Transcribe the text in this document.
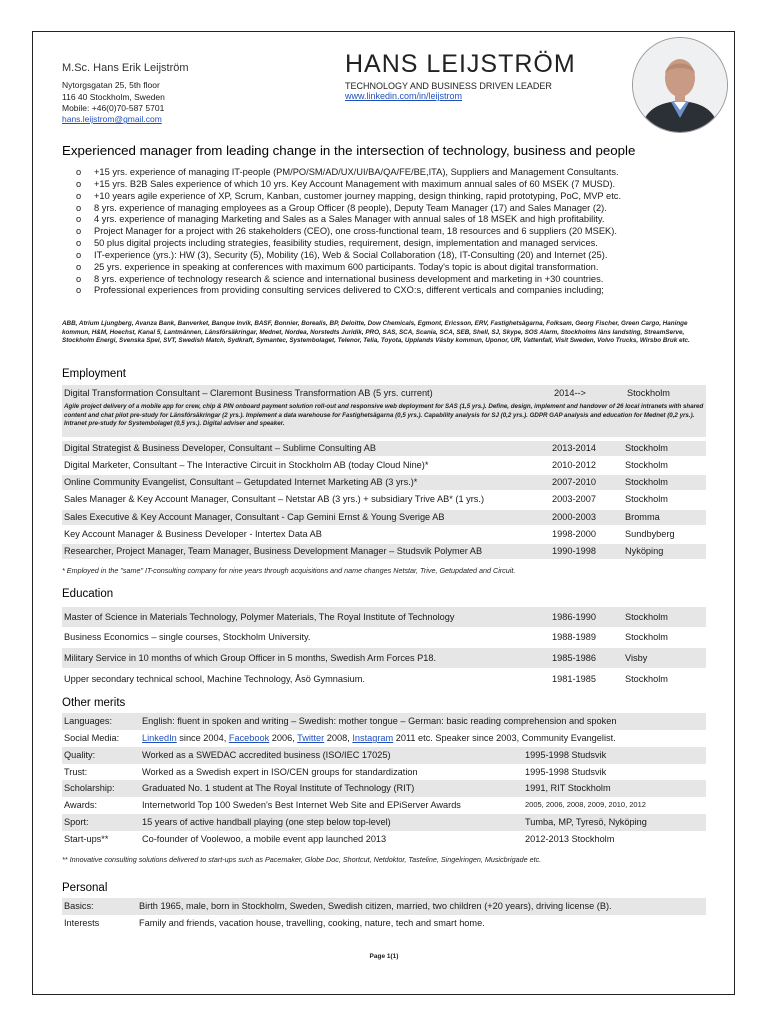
M.Sc. Hans Erik Leijström
Nytorgsgatan 25, 5th floor
116 40 Stockholm, Sweden
Mobile: +46(0)70-587 5701
hans.leijstrom@gmail.com
HANS LEIJSTRÖM
TECHNOLOGY AND BUSINESS DRIVEN LEADER
www.linkedin.com/in/leijstrom
Experienced manager from leading change in the intersection of technology, business and people
o +15 yrs. experience of managing IT-people (PM/PO/SM/AD/UX/UI/BA/QA/FE/BE,ITA), Suppliers and Management Consultants.
o +15 yrs. B2B Sales experience of which 10 yrs. Key Account Management with maximum annual sales of 60 MSEK (7 MUSD).
o +10 years agile experience of XP, Scrum, Kanban, customer journey mapping, design thinking, rapid prototyping, PoC, MVP etc.
o 8 yrs. experience of managing employees as a Group Officer (8 people), Deputy Team Manager (17) and Sales Manager (2).
o 4 yrs. experience of managing Marketing and Sales as a Sales Manager with annual sales of 18 MSEK and high profitability.
o Project Manager for a project with 26 stakeholders (CEO), one cross-functional team, 18 resources and 6 suppliers (20 MSEK).
o 50 plus digital projects including strategies, feasibility studies, requirement, design, implementation and managed services.
o IT-experience (yrs.): HW (3), Security (5), Mobility (16), Web & Social Collaboration (18), IT-Consulting (20) and Internet (25).
o 25 yrs. experience in speaking at conferences with maximum 600 participants. Today's topic is about digital transformation.
o 8 yrs. experience of technology research & science and international business development and marketing in +30 countries.
o Professional experiences from providing consulting services delivered to CXO:s, different verticals and companies including;
ABB, Atrium Ljungberg, Avanza Bank, Banverket, Banque Invik, BASF, Bonnier, Borealis, BP, Deloitte, Dow Chemicals, Egmont, Ericsson, ERV, Fastighetsägarna, Folksam, Georg Fischer, Green Cargo, Haninge kommun, H&M, Hoechst, Kanal 5, Lantmännen, Länsförsäkringar, Mednet, Nordea, Norstedts Juridik, PRO, SAS, SCA, Scania, SCA, SEB, Shell, SJ, Skype, SOS Alarm, Stockholms läns landsting, StreamServe, Stockholm Energi, Svenska Spel, SVT, Swedish Match, Sydkraft, Symantec, Systembolaget, Telenor, Telia, Toyota, Upplands Väsby kommun, Uponor, UR, Vattenfall, Visit Sweden, Volvo Trucks, Wirsbo Bruk etc.
Employment
Digital Transformation Consultant – Claremont Business Transformation AB (5 yrs. current)	2014-->	Stockholm
Agile project delivery of a mobile app for crew, chip & PIN onboard payment solution roll-out and responsive web deployment for SAS (1,5 yrs.). Define, design, implement and handover of 26 local intranets with shared content and chat pilot pre-study for Länsförsäkringar (2 yrs.). Implement a data warehouse for Fastighetsägarna (0,5 yrs.). Capability analysis for SJ (0,2 yrs.). GDPR GAP analysis and education for Mednet (0,2 yrs.). Intranet pre-study for Systembolaget (0,5 yrs.). Digital adviser and speaker.
Digital Strategist & Business Developer, Consultant – Sublime Consulting AB	2013-2014	Stockholm
Digital Marketer, Consultant – The Interactive Circuit in Stockholm AB (today Cloud Nine)*	2010-2012	Stockholm
Online Community Evangelist, Consultant – Getupdated Internet Marketing AB (3 yrs.)*	2007-2010	Stockholm
Sales Manager & Key Account Manager, Consultant – Netstar AB (3 yrs.) + subsidiary Trive AB* (1 yrs.)	2003-2007	Stockholm
Sales Executive & Key Account Manager, Consultant - Cap Gemini Ernst & Young Sverige AB	2000-2003	Bromma
Key Account Manager & Business Developer - Intertex Data AB	1998-2000	Sundbyberg
Researcher, Project Manager, Team Manager, Business Development Manager – Studsvik Polymer AB	1990-1998	Nyköping
* Employed in the "same" IT-consulting company for nine years through acquisitions and name changes Netstar, Trive, Getupdated and Circuit.
Education
Master of Science in Materials Technology, Polymer Materials, The Royal Institute of Technology	1986-1990	Stockholm
Business Economics – single courses, Stockholm University.	1988-1989	Stockholm
Military Service in 10 months of which Group Officer in 5 months, Swedish Arm Forces P18.	1985-1986	Visby
Upper secondary technical school, Machine Technology, Åsö Gymnasium.	1981-1985	Stockholm
Other merits
Languages:	English: fluent in spoken and writing – Swedish: mother tongue – German: basic reading comprehension and spoken
Social Media: LinkedIn since 2004, Facebook 2006, Twitter 2008, Instagram 2011 etc. Speaker since 2003, Community Evangelist.
Quality:	Worked as a SWEDAC accredited business (ISO/IEC 17025)	1995-1998 Studsvik
Trust:	Worked as a Swedish expert in ISO/CEN groups for standardization	1995-1998 Studsvik
Scholarship:	Graduated No. 1 student at The Royal Institute of Technology (RIT)	1991, RIT Stockholm
Awards:	Internetworld Top 100 Sweden's Best Internet Web Site and EPiServer Awards	2005, 2006, 2008, 2009, 2010, 2012
Sport:	15 years of active handball playing (one step below top-level)	Tumba, MP, Tyresö, Nyköping
Start-ups**	Co-founder of Voolewoo, a mobile event app launched 2013	2012-2013 Stockholm
** Innovative consulting solutions delivered to start-ups such as Pacemaker, Globe Doc, Shortcut, Netdoktor, Tasteline, Singelringen, Musicbrigade etc.
Personal
Basics:	Birth 1965, male, born in Stockholm, Sweden, Swedish citizen, married, two children (+20 years), driving license (B).
Interests	Family and friends, vacation house, travelling, cooking, nature, tech and smart home.
Page 1(1)
